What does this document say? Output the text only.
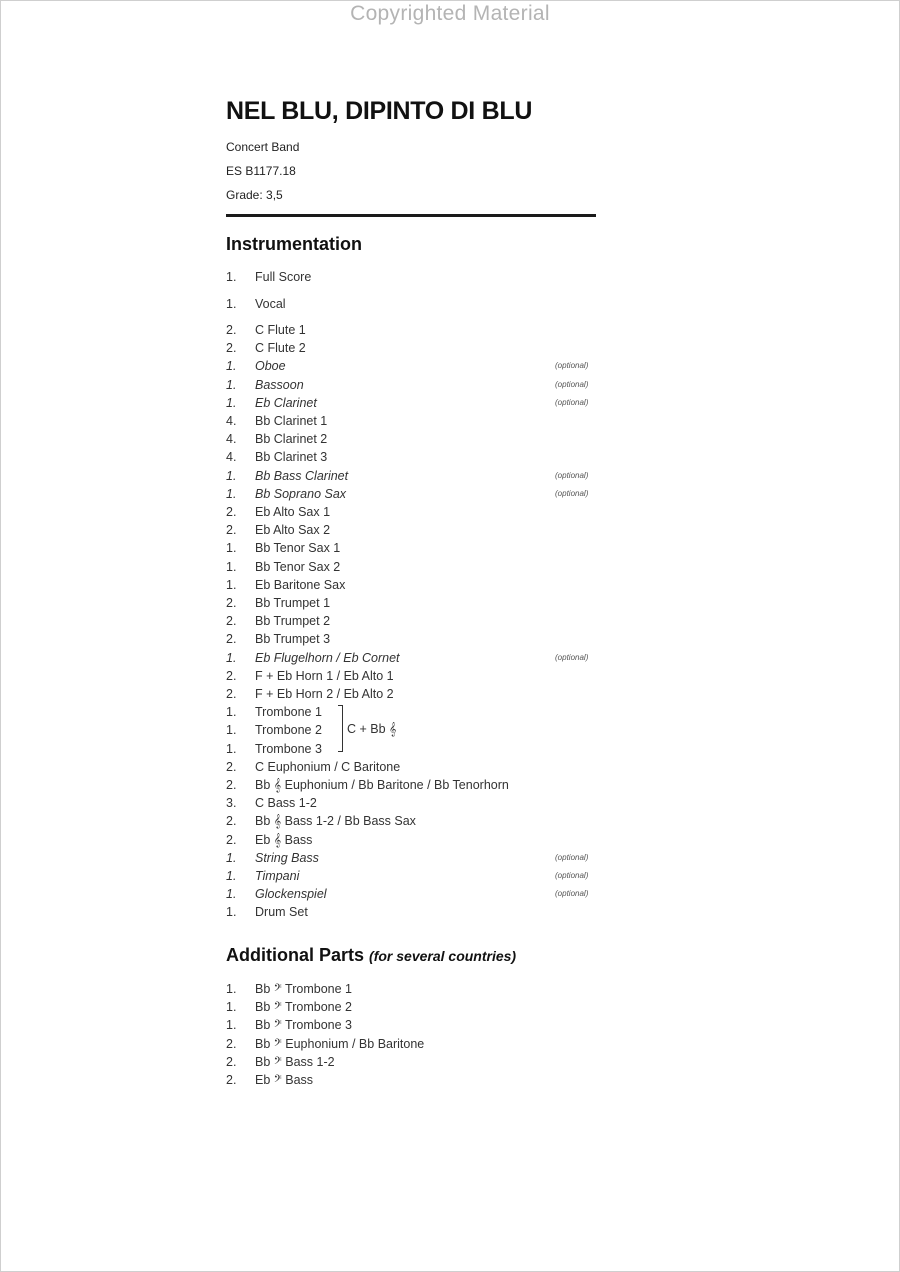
Copyrighted Material
NEL BLU, DIPINTO DI BLU
Concert Band
ES B1177.18
Grade: 3,5
Instrumentation
1. Full Score
1. Vocal
2. C Flute 1
2. C Flute 2
1. Oboe	(optional)
1. Bassoon	(optional)
1. Eb Clarinet	(optional)
4. Bb Clarinet 1
4. Bb Clarinet 2
4. Bb Clarinet 3
1. Bb Bass Clarinet	(optional)
1. Bb Soprano Sax	(optional)
2. Eb Alto Sax 1
2. Eb Alto Sax 2
1. Bb Tenor Sax 1
1. Bb Tenor Sax 2
1. Eb Baritone Sax
2. Bb Trumpet 1
2. Bb Trumpet 2
2. Bb Trumpet 3
1. Eb Flugelhorn / Eb Cornet	(optional)
2. F + Eb Horn 1 / Eb Alto 1
2. F + Eb Horn 2 / Eb Alto 2
1. Trombone 1
1. Trombone 2
1. Trombone 3
2. C Euphonium / C Baritone
2. Bb 𝄞 Euphonium / Bb Baritone / Bb Tenorhorn
3. C Bass 1-2
2. Bb 𝄞 Bass 1-2 / Bb Bass Sax
2. Eb 𝄞 Bass
1. String Bass	(optional)
1. Timpani	(optional)
1. Glockenspiel	(optional)
1. Drum Set
C + Bb 𝄞
Additional Parts (for several countries)
1. Bb 𝄢 Trombone 1
1. Bb 𝄢 Trombone 2
1. Bb 𝄢 Trombone 3
2. Bb 𝄢 Euphonium / Bb Baritone
2. Bb 𝄢 Bass 1-2
2. Eb 𝄢 Bass
